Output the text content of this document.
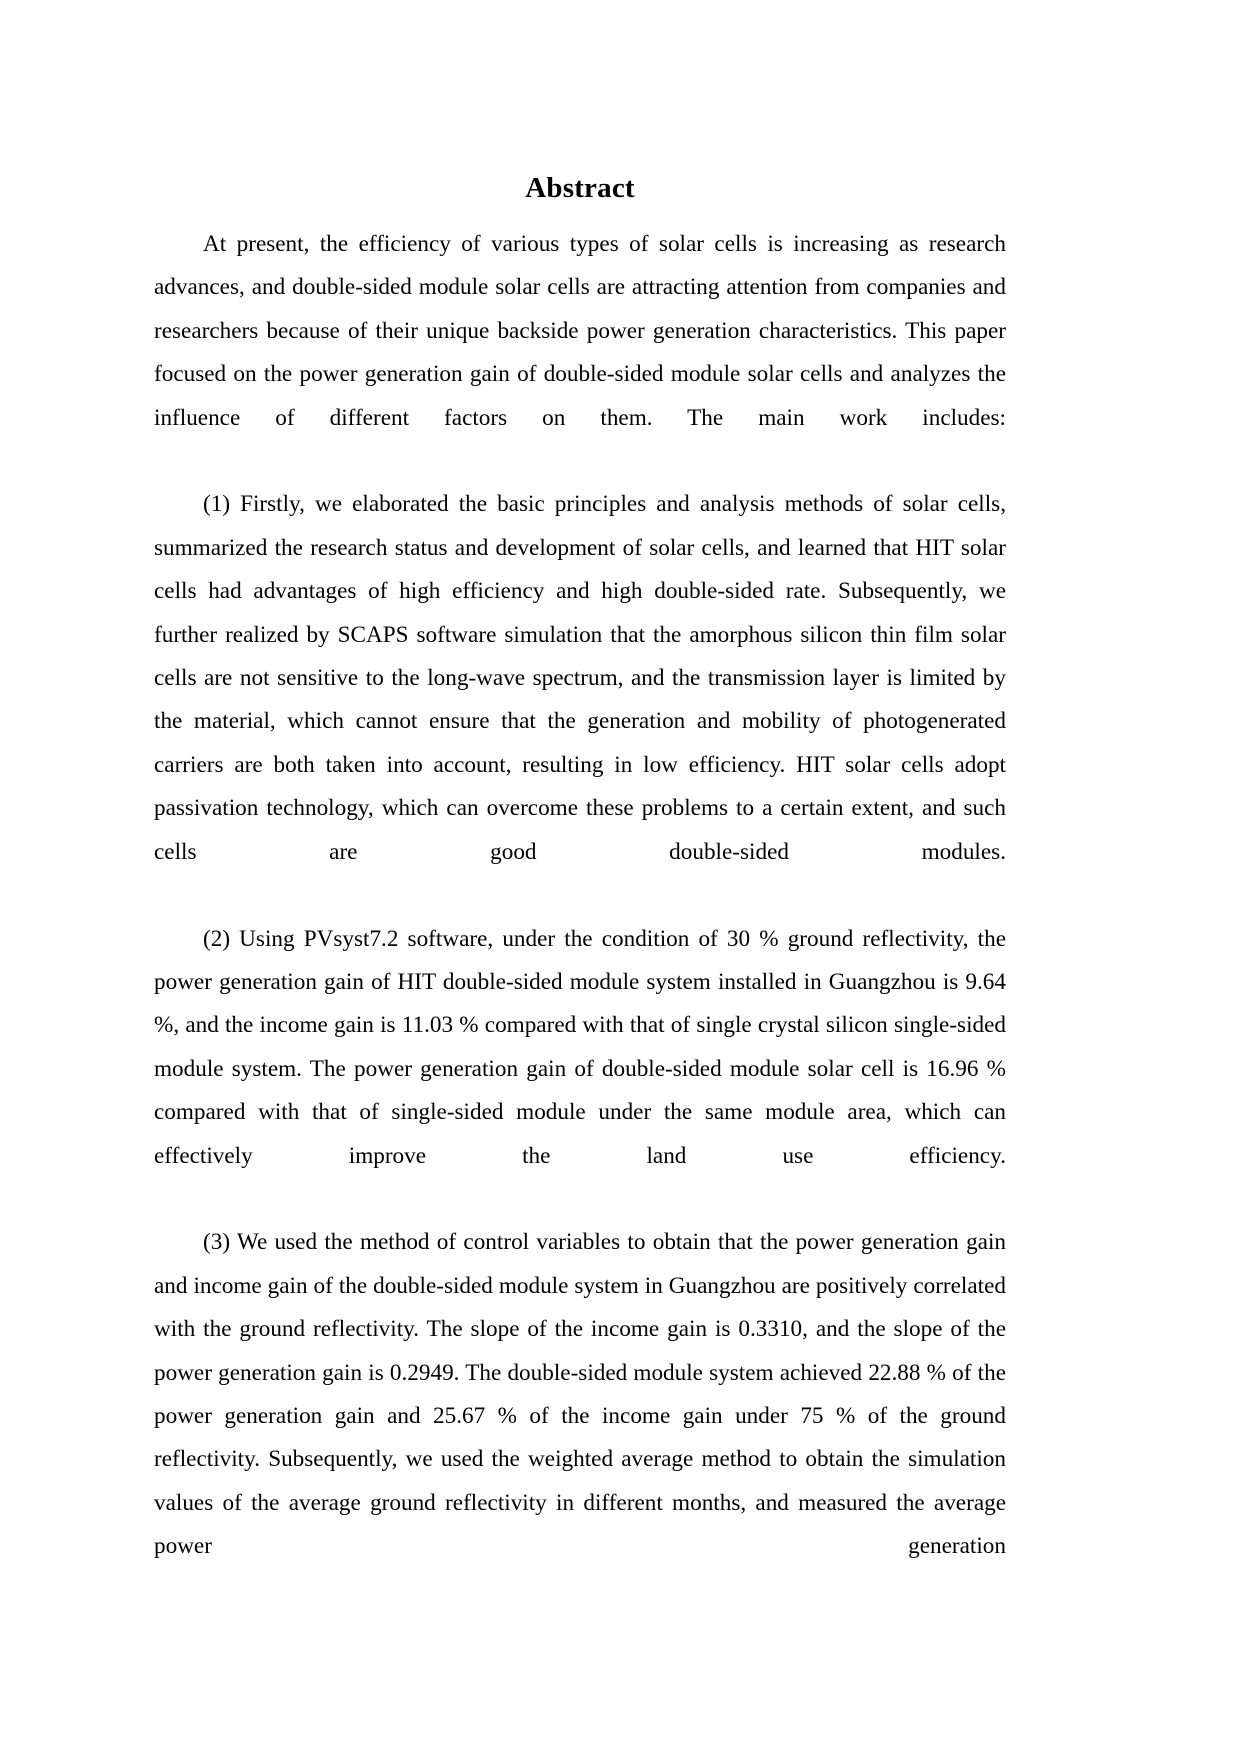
Abstract

At present, the efficiency of various types of solar cells is increasing as research advances, and double-sided module solar cells are attracting attention from companies and researchers because of their unique backside power generation characteristics. This paper focused on the power generation gain of double-sided module solar cells and analyzes the influence of different factors on them. The main work includes:

(1) Firstly, we elaborated the basic principles and analysis methods of solar cells, summarized the research status and development of solar cells, and learned that HIT solar cells had advantages of high efficiency and high double-sided rate. Subsequently, we further realized by SCAPS software simulation that the amorphous silicon thin film solar cells are not sensitive to the long-wave spectrum, and the transmission layer is limited by the material, which cannot ensure that the generation and mobility of photogenerated carriers are both taken into account, resulting in low efficiency. HIT solar cells adopt passivation technology, which can overcome these problems to a certain extent, and such cells are good double-sided modules.

(2) Using PVsyst7.2 software, under the condition of 30 % ground reflectivity, the power generation gain of HIT double-sided module system installed in Guangzhou is 9.64 %, and the income gain is 11.03 % compared with that of single crystal silicon single-sided module system. The power generation gain of double-sided module solar cell is 16.96 % compared with that of single-sided module under the same module area, which can effectively improve the land use efficiency.

(3) We used the method of control variables to obtain that the power generation gain and income gain of the double-sided module system in Guangzhou are positively correlated with the ground reflectivity. The slope of the income gain is 0.3310, and the slope of the power generation gain is 0.2949. The double-sided module system achieved 22.88 % of the power generation gain and 25.67 % of the income gain under 75 % of the ground reflectivity. Subsequently, we used the weighted average method to obtain the simulation values of the average ground reflectivity in different months, and measured the average power generation
